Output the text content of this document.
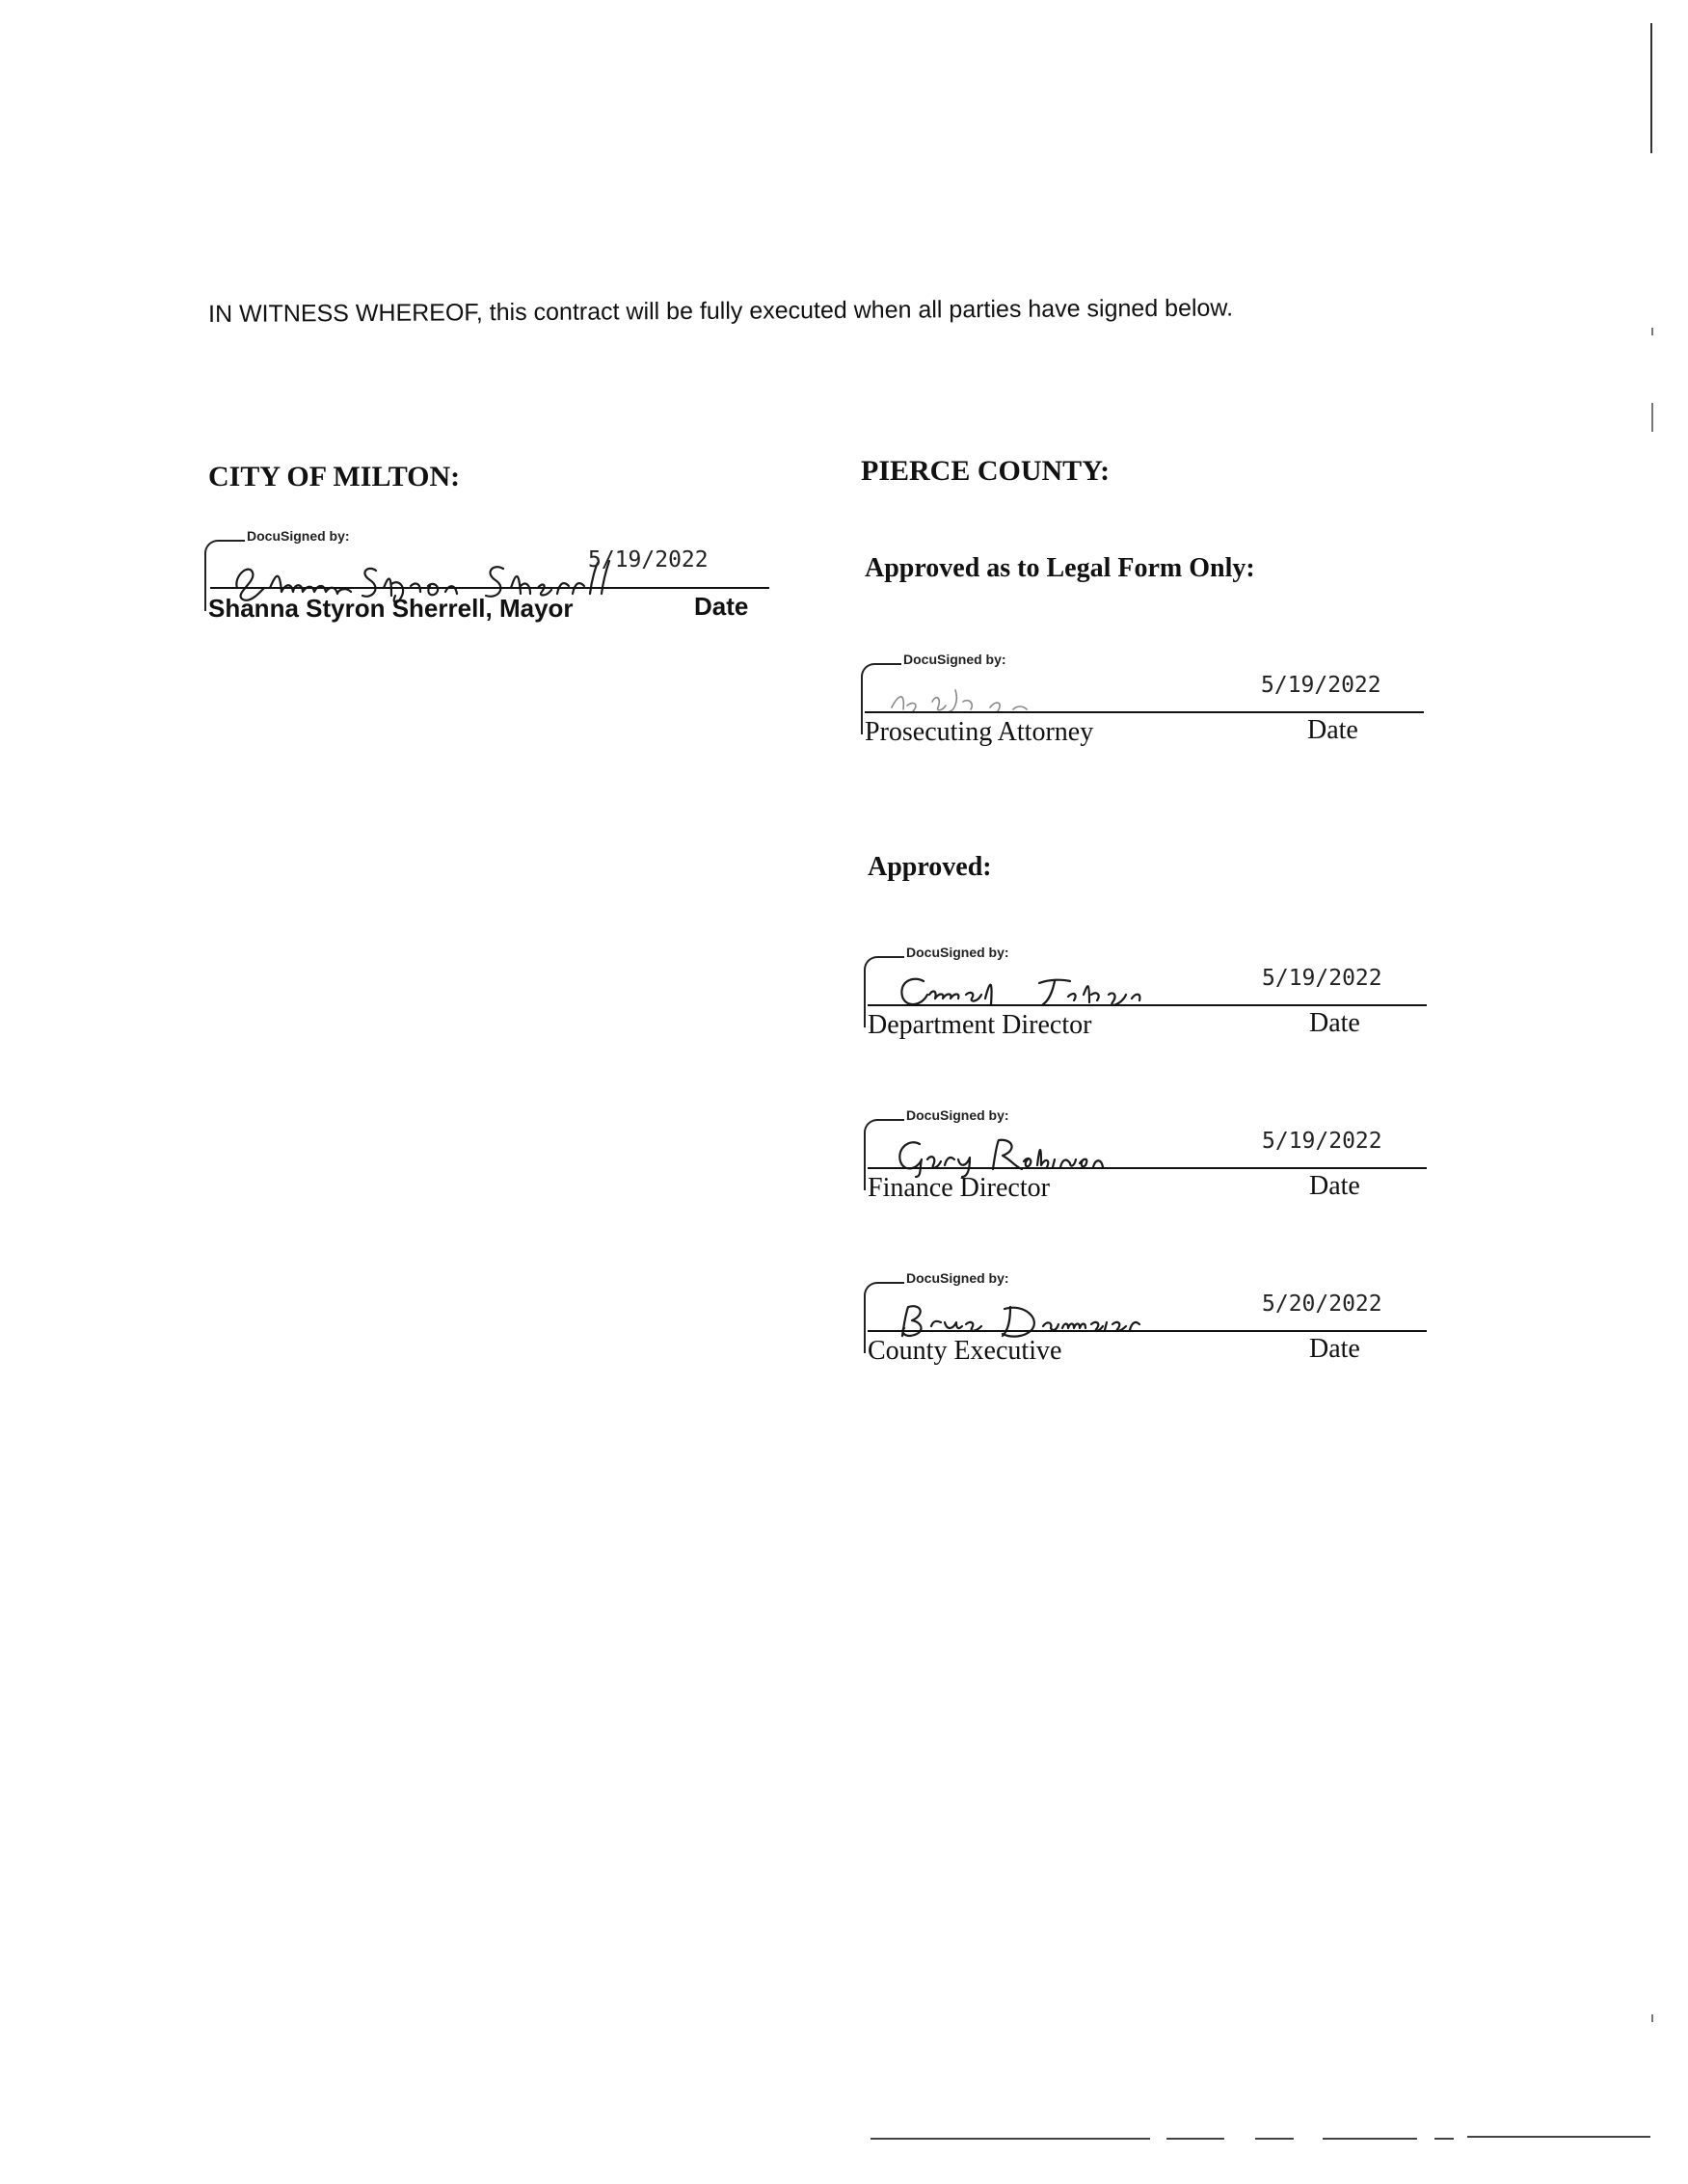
IN WITNESS WHEREOF, this contract will be fully executed when all parties have signed below.
CITY OF MILTON:
DocuSigned by:
5/19/2022
Shanna Styron Sherrell, Mayor	Date
PIERCE COUNTY:
Approved as to Legal Form Only:
DocuSigned by:
5/19/2022
Prosecuting Attorney	Date
Approved:
DocuSigned by:
5/19/2022
Department Director	Date
DocuSigned by:
5/19/2022
Finance Director	Date
DocuSigned by:
5/20/2022
County Executive	Date
